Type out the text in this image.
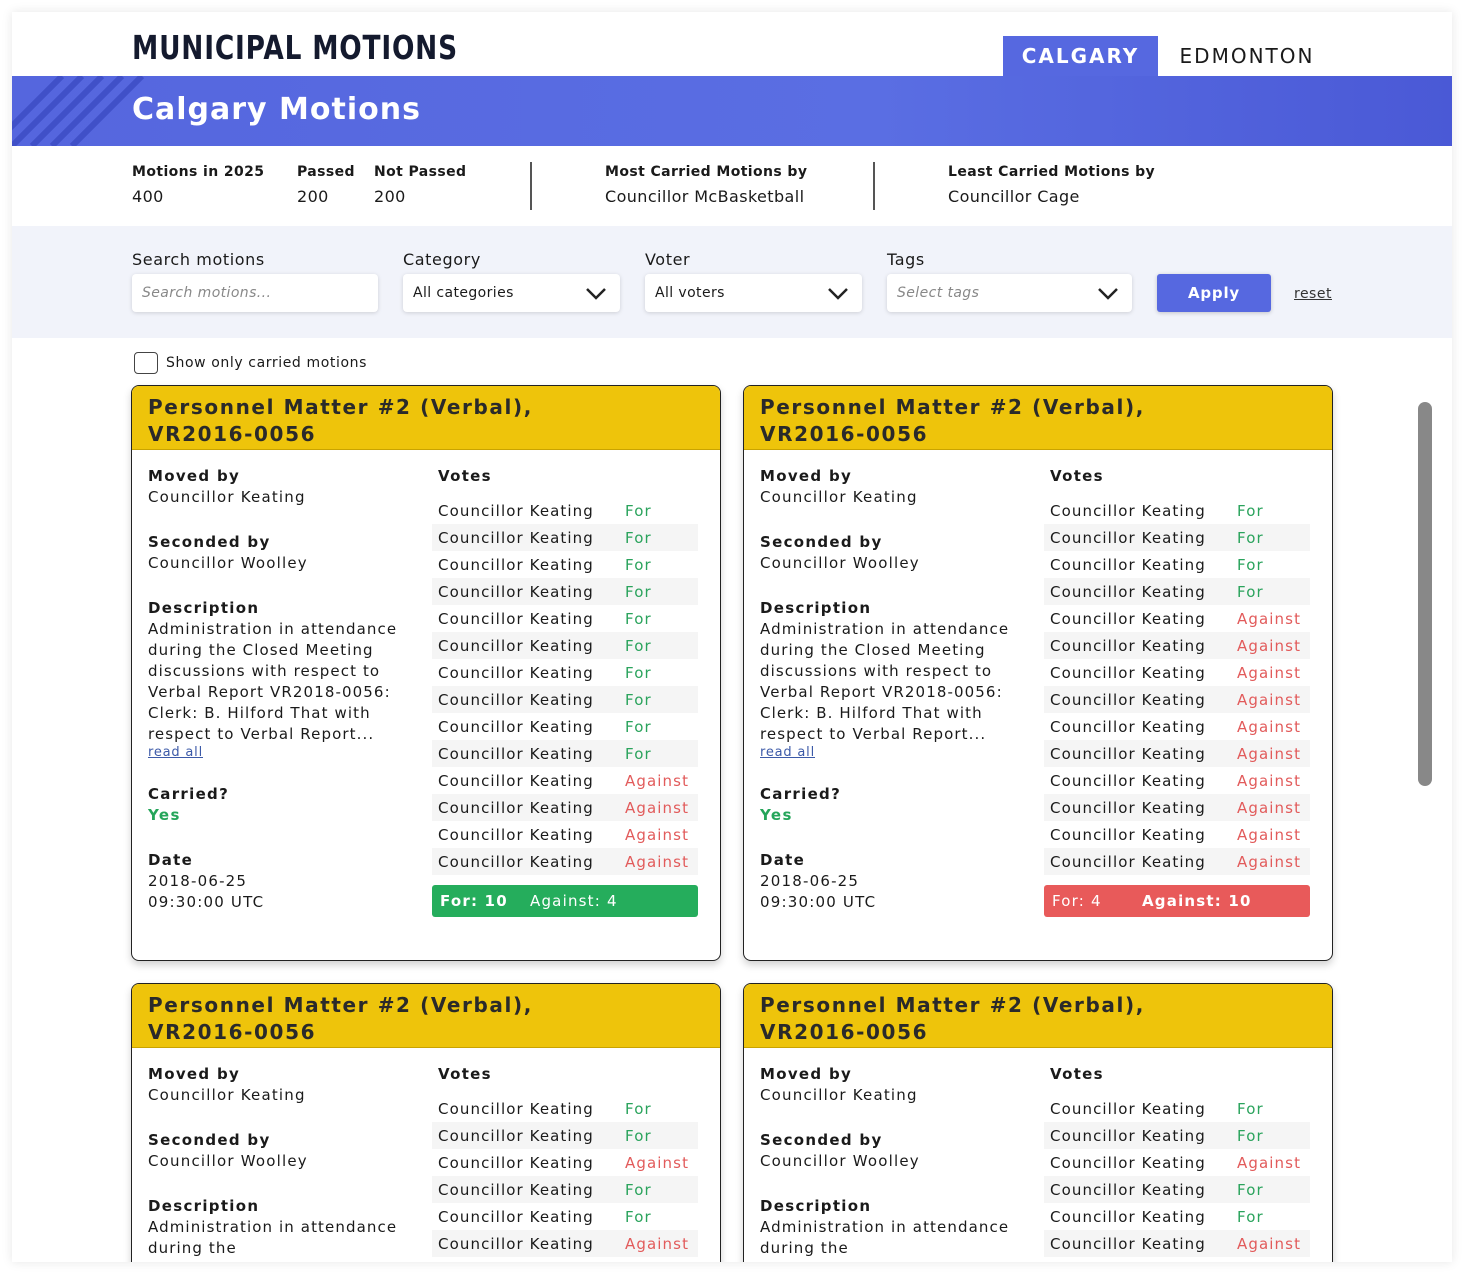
MUNICIPAL MOTIONS	CALGARY	EDMONTON
Calgary Motions
Motions in 2025
400
Passed
200
Not Passed
200
Most Carried Motions by
Councillor McBasketball
Least Carried Motions by
Councillor Cage
Search motions
Search motions...	Category
All categories
Voter
All voters
Tags
Select tags	Apply	reset
Show only carried motions
Personnel Matter #2 (Verbal),
VR2016-0056
Moved by
Councillor Keating
Seconded by
Councillor Woolley
Description
Administration in attendance during the Closed Meeting discussions with respect to Verbal Report VR2018-0056: Clerk: B. Hilford That with respect to Verbal Report...
read all
Carried?
Yes
Date
2018-06-25
09:30:00 UTC
Votes
Councillor Keating	For
Councillor Keating	For
Councillor Keating	For
Councillor Keating	For
Councillor Keating	For
Councillor Keating	For
Councillor Keating	For
Councillor Keating	For
Councillor Keating	For
Councillor Keating	For
Councillor Keating	Against
Councillor Keating	Against
Councillor Keating	Against
Councillor Keating	Against
For: 10	Against: 4
Personnel Matter #2 (Verbal),
VR2016-0056
Moved by
Councillor Keating
Seconded by
Councillor Woolley
Description
Administration in attendance during the Closed Meeting discussions with respect to Verbal Report VR2018-0056: Clerk: B. Hilford That with respect to Verbal Report...
read all
Carried?
Yes
Date
2018-06-25
09:30:00 UTC
Votes
Councillor Keating	For
Councillor Keating	For
Councillor Keating	For
Councillor Keating	For
Councillor Keating	Against
Councillor Keating	Against
Councillor Keating	Against
Councillor Keating	Against
Councillor Keating	Against
Councillor Keating	Against
Councillor Keating	Against
Councillor Keating	Against
Councillor Keating	Against
Councillor Keating	Against
For: 4	Against: 10
Personnel Matter #2 (Verbal),
VR2016-0056
Moved by
Councillor Keating
Seconded by
Councillor Woolley
Description
Administration in attendance during the
Votes
Councillor Keating	For
Councillor Keating	For
Councillor Keating	Against
Councillor Keating	For
Councillor Keating	For
Councillor Keating	Against
Personnel Matter #2 (Verbal),
VR2016-0056
Moved by
Councillor Keating
Seconded by
Councillor Woolley
Description
Administration in attendance during the
Votes
Councillor Keating	For
Councillor Keating	For
Councillor Keating	Against
Councillor Keating	For
Councillor Keating	For
Councillor Keating	Against
